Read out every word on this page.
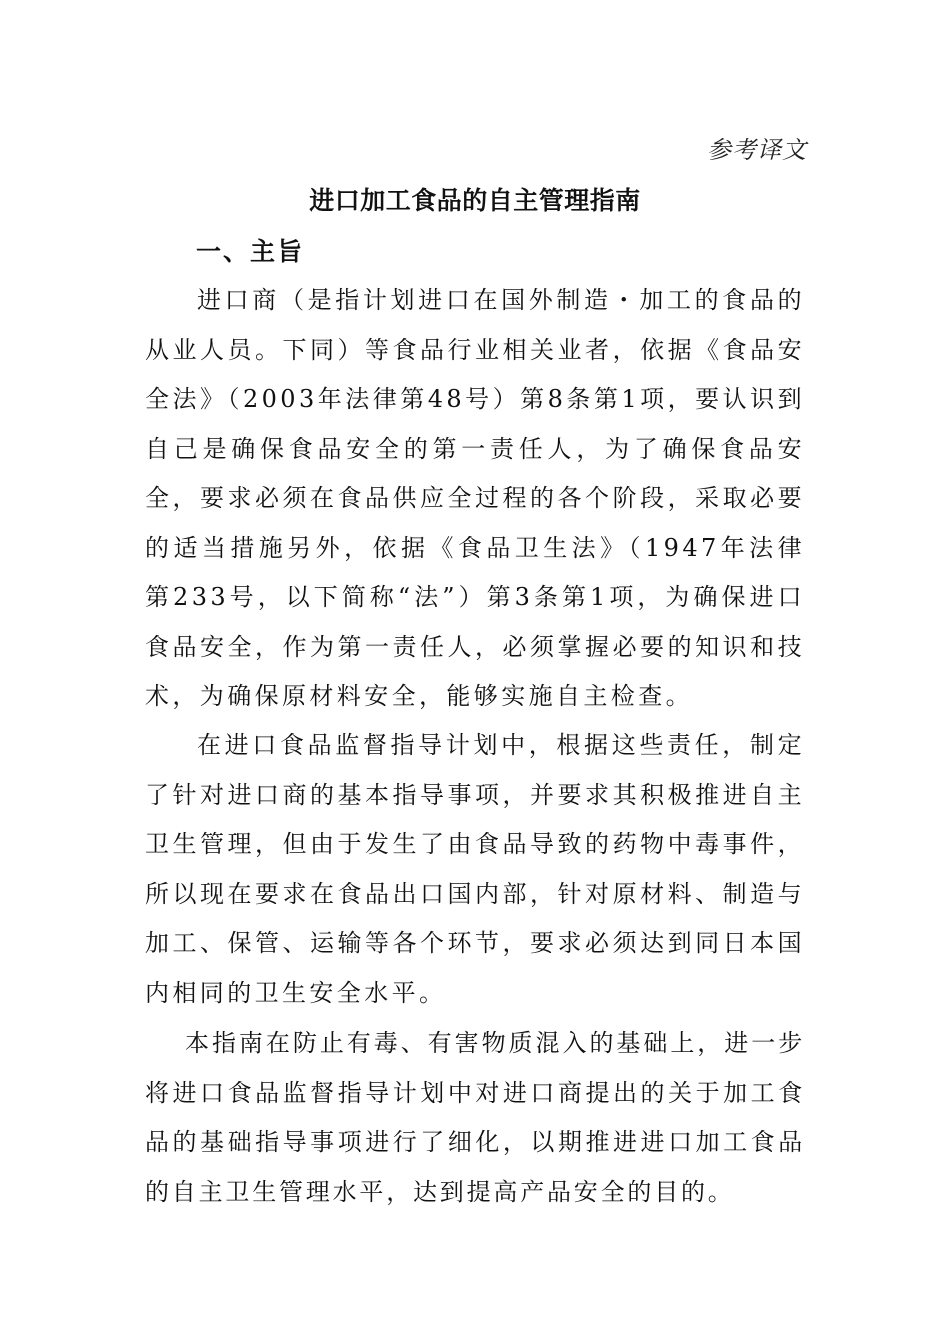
参考译文
进口加工食品的自主管理指南
一、主旨

进口商（是指计划进口在国外制造・加工的食品的从业人员。下同）等食品行业相关业者，依据《食品安全法》（2003年法律第48号）第8条第1项，要认识到自己是确保食品安全的第一责任人，为了确保食品安全，要求必须在食品供应全过程的各个阶段，采取必要的适当措施另外，依据《食品卫生法》（1947年法律第233号，以下简称“法”）第3条第1项，为确保进口食品安全，作为第一责任人，必须掌握必要的知识和技术，为确保原材料安全，能够实施自主检查。

在进口食品监督指导计划中，根据这些责任，制定了针对进口商的基本指导事项，并要求其积极推进自主卫生管理，但由于发生了由食品导致的药物中毒事件，所以现在要求在食品出口国内部，针对原材料、制造与加工、保管、运输等各个环节，要求必须达到同日本国内相同的卫生安全水平。

本指南在防止有毒、有害物质混入的基础上，进一步将进口食品监督指导计划中对进口商提出的关于加工食品的基础指导事项进行了细化，以期推进进口加工食品的自主卫生管理水平，达到提高产品安全的目的。
